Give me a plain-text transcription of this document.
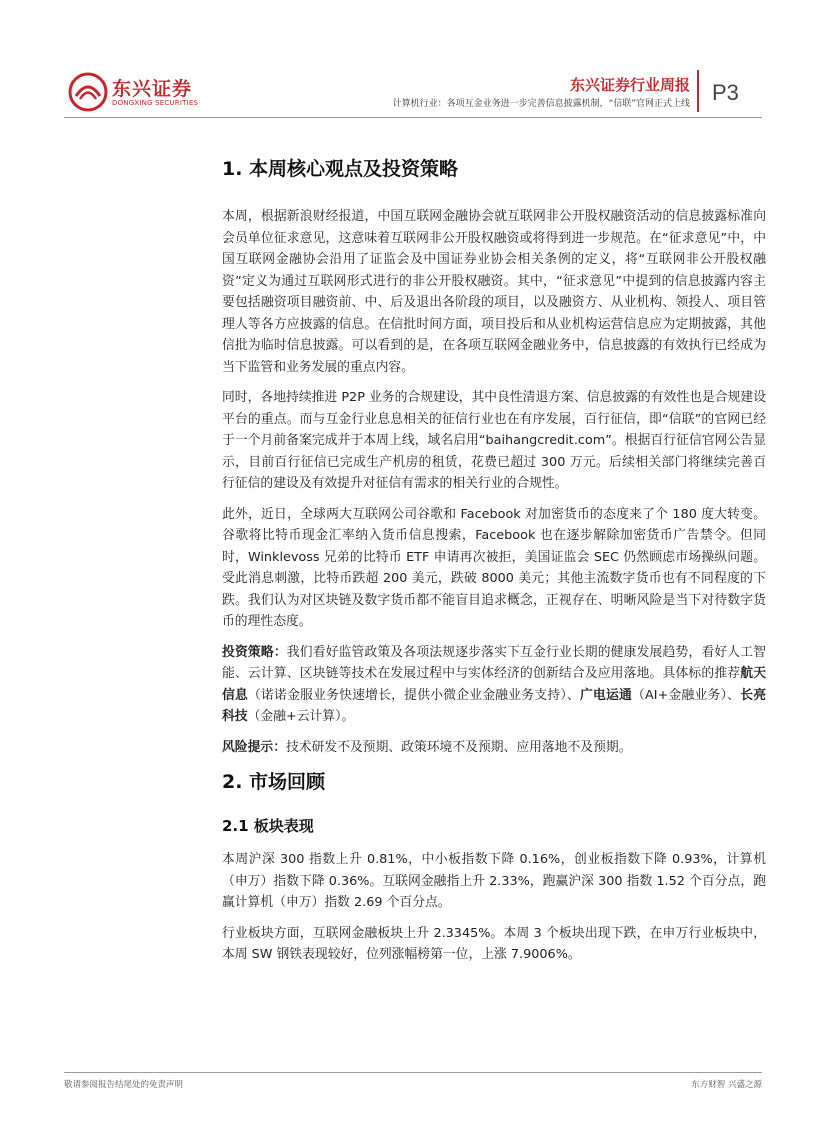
东兴证券
DONGXING SECURITIES
东兴证券行业周报
计算机行业：各项互金业务进一步完善信息披露机制，“信联”官网正式上线 P3
1. 本周核心观点及投资策略

本周，根据新浪财经报道，中国互联网金融协会就互联网非公开股权融资活动的信息披露标准向会员单位征求意见，这意味着互联网非公开股权融资或将得到进一步规范。在“征求意见”中，中国互联网金融协会沿用了证监会及中国证券业协会相关条例的定义，将“互联网非公开股权融资”定义为通过互联网形式进行的非公开股权融资。其中，“征求意见”中提到的信息披露内容主要包括融资项目融资前、中、后及退出各阶段的项目，以及融资方、从业机构、领投人、项目管理人等各方应披露的信息。在信批时间方面，项目投后和从业机构运营信息应为定期披露，其他信批为临时信息披露。可以看到的是，在各项互联网金融业务中，信息披露的有效执行已经成为当下监管和业务发展的重点内容。

同时，各地持续推进 P2P 业务的合规建设，其中良性清退方案、信息披露的有效性也是合规建设平台的重点。而与互金行业息息相关的征信行业也在有序发展，百行征信，即“信联”的官网已经于一个月前备案完成并于本周上线，域名启用“baihangcredit.com”。根据百行征信官网公告显示，目前百行征信已完成生产机房的租赁，花费已超过 300 万元。后续相关部门将继续完善百行征信的建设及有效提升对征信有需求的相关行业的合规性。

此外，近日，全球两大互联网公司谷歌和 Facebook 对加密货币的态度来了个 180 度大转变。谷歌将比特币现金汇率纳入货币信息搜索，Facebook 也在逐步解除加密货币广告禁令。但同时，Winklevoss 兄弟的比特币 ETF 申请再次被拒，美国证监会 SEC 仍然顾虑市场操纵问题。受此消息刺激，比特币跌超 200 美元，跌破 8000 美元；其他主流数字货币也有不同程度的下跌。我们认为对区块链及数字货币都不能盲目追求概念，正视存在、明晰风险是当下对待数字货币的理性态度。

投资策略：我们看好监管政策及各项法规逐步落实下互金行业长期的健康发展趋势，看好人工智能、云计算、区块链等技术在发展过程中与实体经济的创新结合及应用落地。具体标的推荐航天信息（诺诺金服业务快速增长，提供小微企业金融业务支持）、广电运通（AI+金融业务）、长亮科技（金融+云计算）。

风险提示：技术研发不及预期、政策环境不及预期、应用落地不及预期。

2. 市场回顾
2.1 板块表现

本周沪深 300 指数上升 0.81%，中小板指数下降 0.16%，创业板指数下降 0.93%，计算机（申万）指数下降 0.36%。互联网金融指上升 2.33%，跑赢沪深 300 指数 1.52 个百分点，跑赢计算机（申万）指数 2.69 个百分点。

行业板块方面，互联网金融板块上升 2.3345%。本周 3 个板块出现下跌，在申万行业板块中，本周 SW 钢铁表现较好，位列涨幅榜第一位，上涨 7.9006%。

敬请参阅报告结尾处的免责声明	东方财智 兴盛之源
